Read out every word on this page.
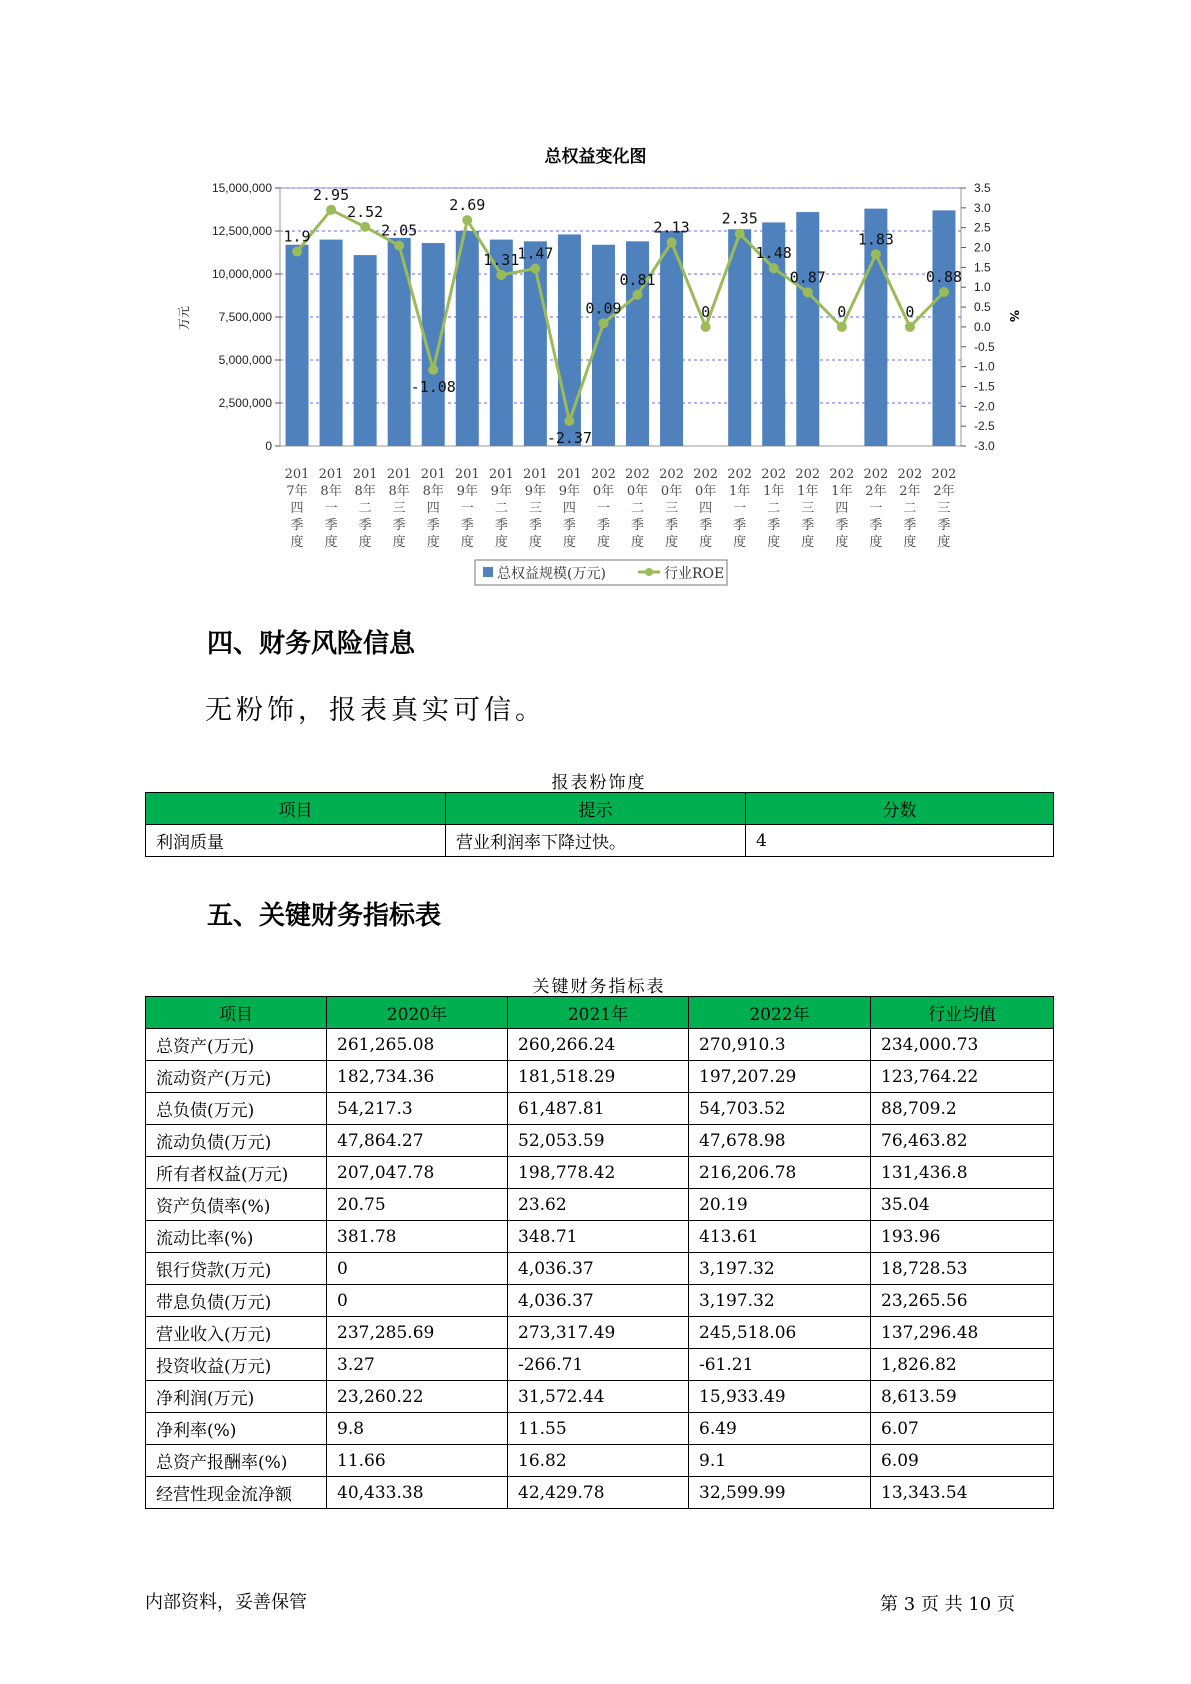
总权益变化图
0
2,500,000
5,000,000
7,500,000
10,000,000
12,500,000
15,000,000
-3.0
-2.5
-2.0
-1.5
-1.0
-0.5
0.0
0.5
1.0
1.5
2.0
2.5
3.0
3.5
万元	%
1.9
2.95
2.52
2.05
-1.08
2.69
1.31
1.47
-2.37
0.09
0.81
2.13
0
2.35
1.48
0.87
0
1.83
0
0.88
201 7年四季度
201 8年一季度
201 8年二季度
201 8年三季度
201 8年四季度
201 9年一季度
201 9年二季度
201 9年三季度
201 9年四季度
202 0年一季度
202 0年二季度
202 0年三季度
202 0年四季度
202 1年一季度
202 1年二季度
202 1年三季度
202 1年四季度
202 2年一季度
202 2年二季度
202 2年三季度
总权益规模(万元)	行业ROE
四、财务风险信息
无粉饰，报表真实可信。
报表粉饰度
项目	提示	分数
利润质量	营业利润率下降过快。	4
五、关键财务指标表
关键财务指标表
项目	2020年	2021年	2022年	行业均值
总资产(万元)	261,265.08	260,266.24	270,910.3	234,000.73
流动资产(万元)	182,734.36	181,518.29	197,207.29	123,764.22
总负债(万元)	54,217.3	61,487.81	54,703.52	88,709.2
流动负债(万元)	47,864.27	52,053.59	47,678.98	76,463.82
所有者权益(万元)	207,047.78	198,778.42	216,206.78	131,436.8
资产负债率(%)	20.75	23.62	20.19	35.04
流动比率(%)	381.78	348.71	413.61	193.96
银行贷款(万元)	0	4,036.37	3,197.32	18,728.53
带息负债(万元)	0	4,036.37	3,197.32	23,265.56
营业收入(万元)	237,285.69	273,317.49	245,518.06	137,296.48
投资收益(万元)	3.27	-266.71	-61.21	1,826.82
净利润(万元)	23,260.22	31,572.44	15,933.49	8,613.59
净利率(%)	9.8	11.55	6.49	6.07
总资产报酬率(%)	11.66	16.82	9.1	6.09
经营性现金流净额	40,433.38	42,429.78	32,599.99	13,343.54
内部资料，妥善保管	第 3 页 共 10 页
